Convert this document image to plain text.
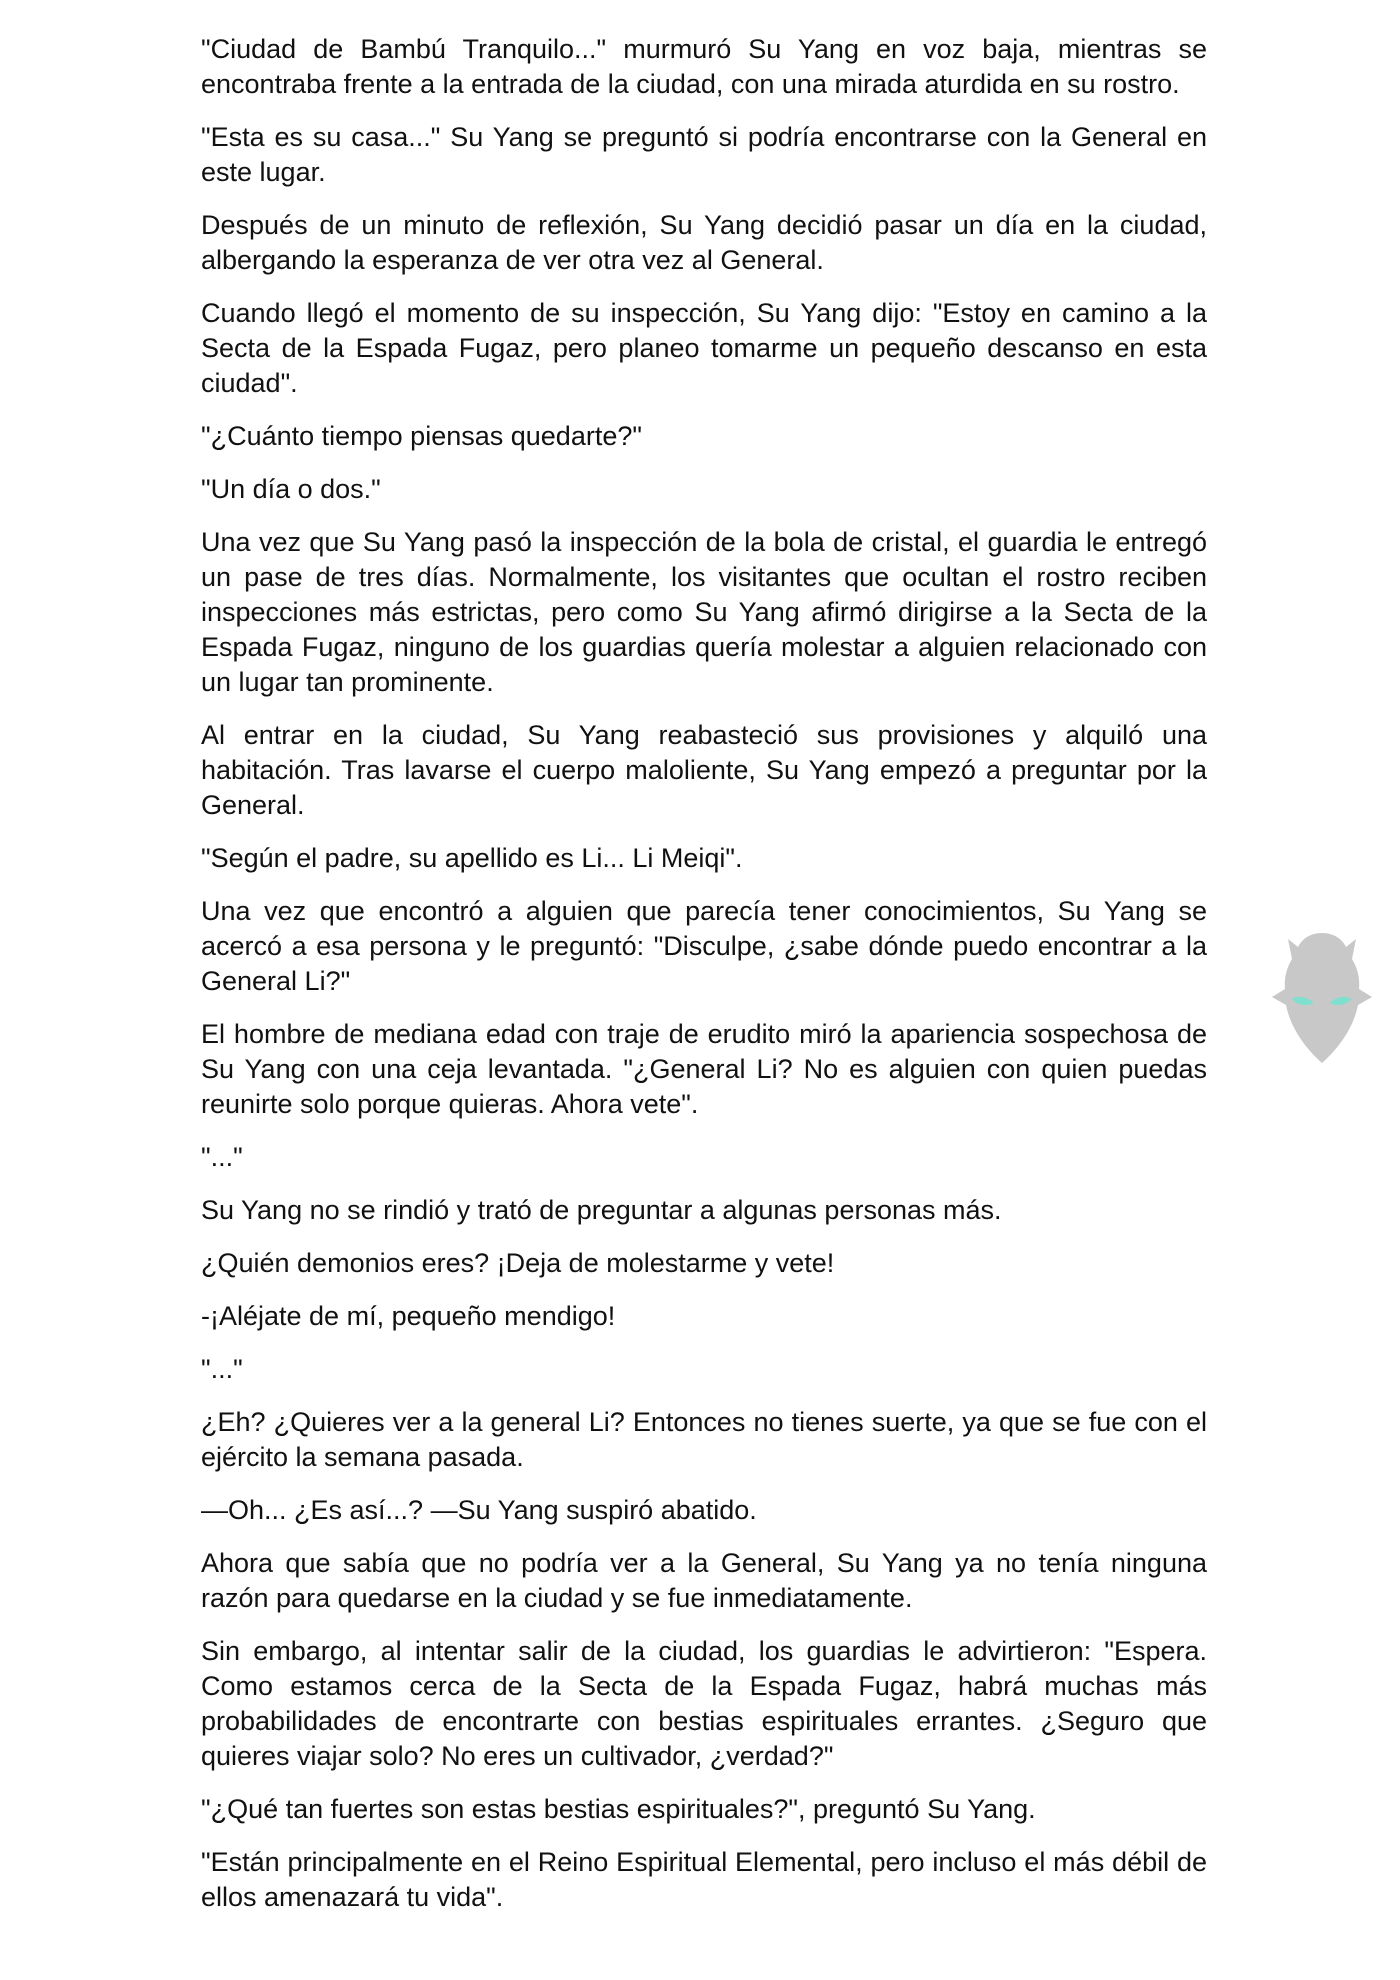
"Ciudad de Bambú Tranquilo..." murmuró Su Yang en voz baja, mientras se encontraba frente a la entrada de la ciudad, con una mirada aturdida en su rostro.

"Esta es su casa..." Su Yang se preguntó si podría encontrarse con la General en este lugar.

Después de un minuto de reflexión, Su Yang decidió pasar un día en la ciudad, albergando la esperanza de ver otra vez al General.

Cuando llegó el momento de su inspección, Su Yang dijo: "Estoy en camino a la Secta de la Espada Fugaz, pero planeo tomarme un pequeño descanso en esta ciudad".

"¿Cuánto tiempo piensas quedarte?"

"Un día o dos."

Una vez que Su Yang pasó la inspección de la bola de cristal, el guardia le entregó un pase de tres días. Normalmente, los visitantes que ocultan el rostro reciben inspecciones más estrictas, pero como Su Yang afirmó dirigirse a la Secta de la Espada Fugaz, ninguno de los guardias quería molestar a alguien relacionado con un lugar tan prominente.

Al entrar en la ciudad, Su Yang reabasteció sus provisiones y alquiló una habitación. Tras lavarse el cuerpo maloliente, Su Yang empezó a preguntar por la General.

"Según el padre, su apellido es Li... Li Meiqi".

Una vez que encontró a alguien que parecía tener conocimientos, Su Yang se acercó a esa persona y le preguntó: "Disculpe, ¿sabe dónde puedo encontrar a la General Li?"

El hombre de mediana edad con traje de erudito miró la apariencia sospechosa de Su Yang con una ceja levantada. "¿General Li? No es alguien con quien puedas reunirte solo porque quieras. Ahora vete".

"..."

Su Yang no se rindió y trató de preguntar a algunas personas más.

¿Quién demonios eres? ¡Deja de molestarme y vete!

-¡Aléjate de mí, pequeño mendigo!

"..."

¿Eh? ¿Quieres ver a la general Li? Entonces no tienes suerte, ya que se fue con el ejército la semana pasada.

—Oh... ¿Es así...? —Su Yang suspiró abatido.

Ahora que sabía que no podría ver a la General, Su Yang ya no tenía ninguna razón para quedarse en la ciudad y se fue inmediatamente.

Sin embargo, al intentar salir de la ciudad, los guardias le advirtieron: "Espera. Como estamos cerca de la Secta de la Espada Fugaz, habrá muchas más probabilidades de encontrarte con bestias espirituales errantes. ¿Seguro que quieres viajar solo? No eres un cultivador, ¿verdad?"

"¿Qué tan fuertes son estas bestias espirituales?", preguntó Su Yang.

"Están principalmente en el Reino Espiritual Elemental, pero incluso el más débil de ellos amenazará tu vida".
